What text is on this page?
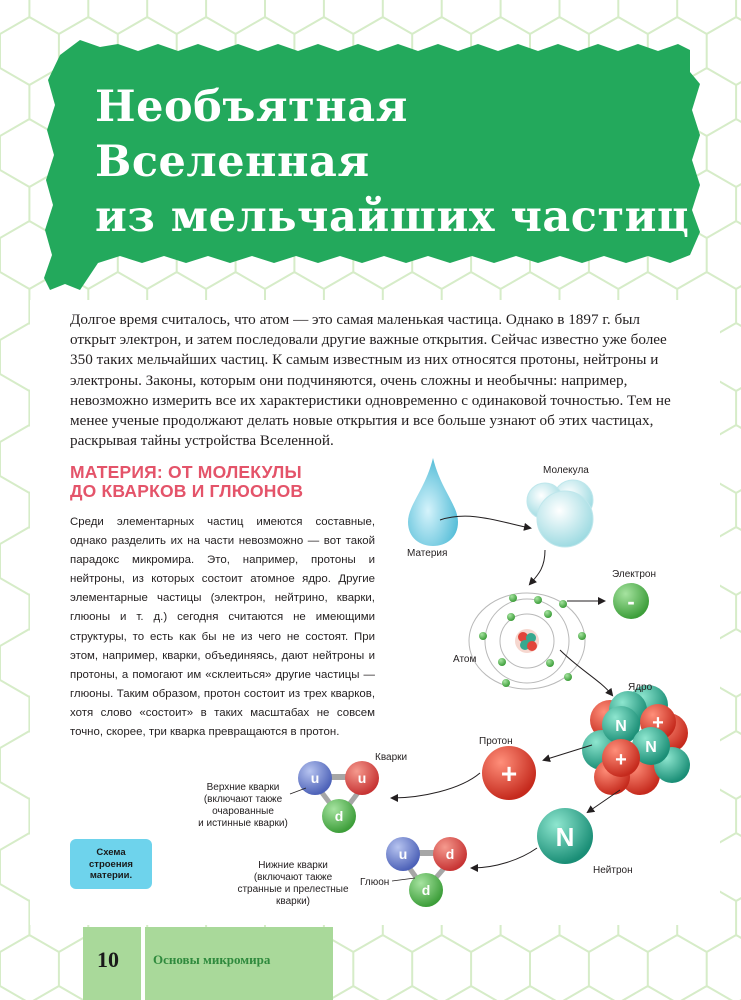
Необъятная
Вселенная
из мельчайших частиц
Долгое время считалось, что атом — это самая маленькая частица. Однако в 1897 г. был открыт электрон, и затем последовали другие важные открытия. Сейчас известно уже более 350 таких мельчайших частиц. К самым известным из них относятся протоны, нейтроны и электроны. Законы, которым они подчиняются, очень сложны и необычны: например, невозможно измерить все их характеристики одновременно с одинаковой точностью. Тем не менее ученые продолжают делать новые открытия и все больше узнают об этих частицах, раскрывая тайны устройства Вселенной.
МАТЕРИЯ: ОТ МОЛЕКУЛЫ
ДО КВАРКОВ И ГЛЮОНОВ
Среди элементарных частиц имеются составные, однако разделить их на части невозможно — вот такой парадокс микромира. Это, например, протоны и нейтроны, из которых состоит атомное ядро. Другие элементарные частицы (электрон, нейтрино, кварки, глюоны и т. д.) сегодня считаются не имеющими структуры, то есть как бы не из чего не состоят. При этом, например, кварки, объединяясь, дают нейтроны и протоны, а помогают им «склеиться» другие частицы — глюоны. Таким образом, протон состоит из трех кварков, хотя слово «состоит» в таких масштабах не совсем точно, скорее, три кварка превращаются в протон.
Материя
Молекула
Атом
-
Электрон
N
N
+
+
Ядро
+
Протон
N
Нейтрон
u	u
d
Кварки
Верхние кварки
(включают также
очарованные
и истинные кварки)
u	d
d
Глюон
Нижние кварки
(включают также
странные и прелестные
кварки)
Схема
строения
материи.
10	Основы микромира
